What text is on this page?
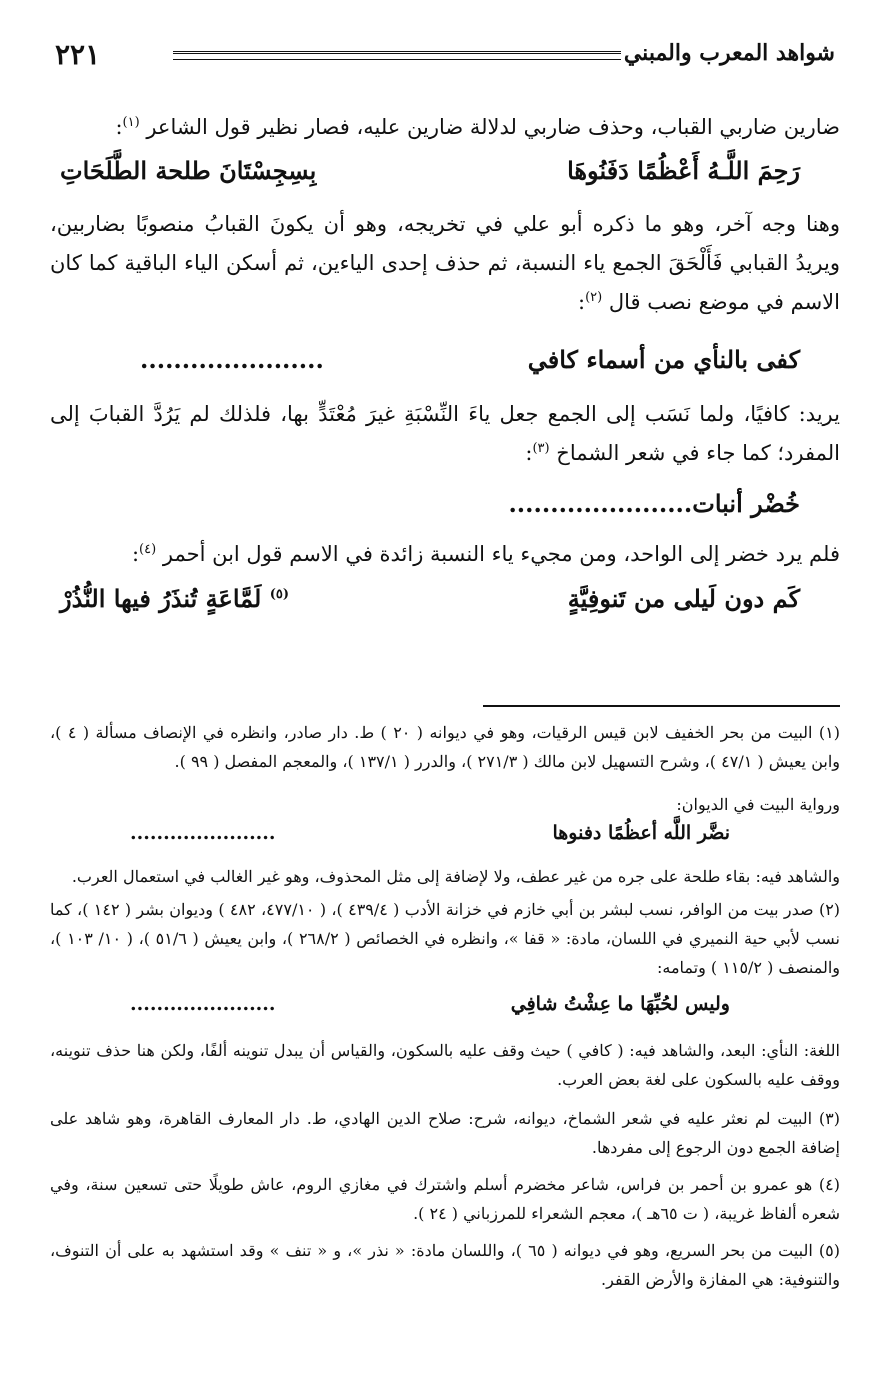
٢٢١	شواهد المعرب والمبني
ضارين ضاربي القباب، وحذف ضاربي لدلالة ضارين عليه، فصار نظير قول الشاعر $^{(١)}$:
رَحِمَ اللَّـهُ أَعْظُمًا دَفَنُوهَا
بِسِجِسْتَانَ طلحة الطَّلَحَاتِ
وهنا وجه آخر، وهو ما ذكره أبو علي في تخريجه، وهو أن يكونَ القبابُ منصوبًا بضاربين، ويريدُ القبابي فَأَلْحَقَ الجمع ياء النسبة، ثم حذف إحدى الياءين، ثم أسكن الياء الباقية كما كان الاسم في موضع نصب قال $^{(٢)}$:
كفى بالنأي من أسماء كافي
......................
يريد: كافيًا، ولما نَسَب إلى الجمع جعل ياءَ النِّسْبَةِ غيرَ مُعْتَدٍّ بها، فلذلك لم يَرُدَّ القبابَ إلى المفرد؛ كما جاء في شعر الشماخ $^{(٣)}$:
خُضْر أنبات......................
فلم يرد خضر إلى الواحد، ومن مجيء ياء النسبة زائدة في الاسم قول ابن أحمر $^{(٤)}$:
كَم دون لَيلى من تَنوفِيَّةٍ
$^{(٥)}$ لَمَّاعَةٍ تُنذَرُ فيها النُّذُرْ
(١) البيت من بحر الخفيف لابن قيس الرقيات، وهو في ديوانه ( ٢٠ ) ط. دار صادر، وانظره في الإنصاف مسألة ( ٤ )، وابن يعيش ( ٤٧/١ )، وشرح التسهيل لابن مالك ( ٢٧١/٣ )، والدرر ( ١٣٧/١ )، والمعجم المفصل ( ٩٩ ).
ورواية البيت في الديوان:
نضَّر اللَّه أعظُمًا دفنوها
......................
والشاهد فيه: بقاء طلحة على جره من غير عطف، ولا لإضافة إلى مثل المحذوف، وهو غير الغالب في استعمال العرب.
(٢) صدر بيت من الوافر، نسب لبشر بن أبي خازم في خزانة الأدب ( ٤٣٩/٤ )، ( ٤٧٧/١٠، ٤٨٢ ) وديوان بشر ( ١٤٢ )، كما نسب لأبي حية النميري في اللسان، مادة: « قفا »، وانظره في الخصائص ( ٢٦٨/٢ )، وابن يعيش ( ٥١/٦ )، ( ١٠/ ١٠٣ )، والمنصف ( ١١٥/٢ ) وتمامه:
وليس لحُبِّهَا ما عِشْتُ شافِي
......................
اللغة: النأي: البعد، والشاهد فيه: ( كافي ) حيث وقف عليه بالسكون، والقياس أن يبدل تنوينه ألفًا، ولكن هنا حذف تنوينه، ووقف عليه بالسكون على لغة بعض العرب.
(٣) البيت لم نعثر عليه في شعر الشماخ، ديوانه، شرح: صلاح الدين الهادي، ط. دار المعارف القاهرة، وهو شاهد على إضافة الجمع دون الرجوع إلى مفردها.
(٤) هو عمرو بن أحمر بن فراس، شاعر مخضرم أسلم واشترك في مغازي الروم، عاش طويلًا حتى تسعين سنة، وفي شعره ألفاظ غريبة، ( ت ٦٥هـ )، معجم الشعراء للمرزباني ( ٢٤ ).
(٥) البيت من بحر السريع، وهو في ديوانه ( ٦٥ )، واللسان مادة: « نذر »، و « تنف » وقد استشهد به على أن التنوف، والتنوفية: هي المفازة والأرض القفر.
